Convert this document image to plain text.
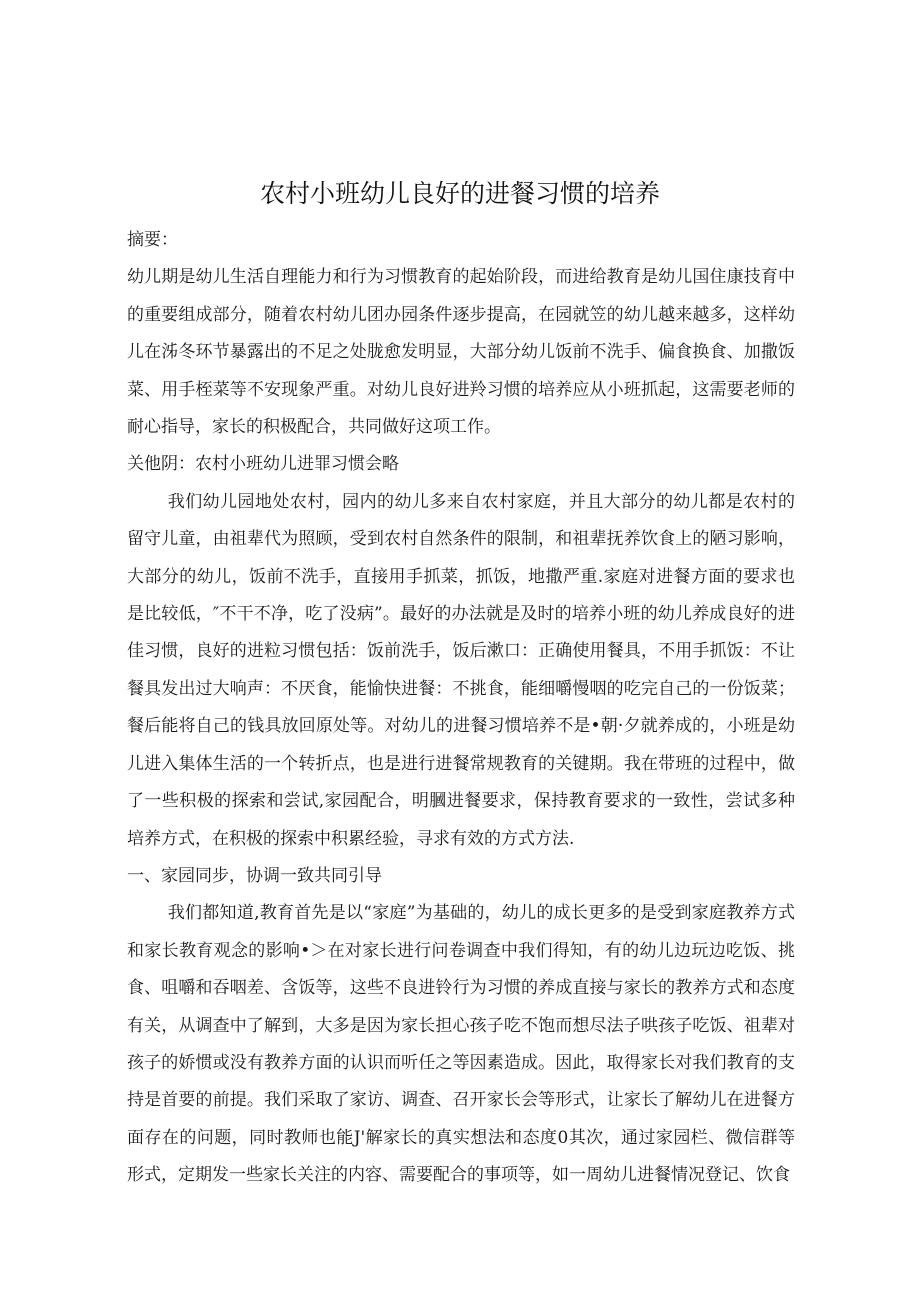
农村小班幼儿良好的进餐习惯的培养

摘要：

幼儿期是幼儿生活自理能力和行为习惯教育的起始阶段，而进给教育是幼儿国住康技育中的重要组成部分，随着农村幼儿团办园条件逐步提高，在园就笠的幼儿越来越多，这样幼儿在泲冬环节暴露出的不足之处胧愈发明显，大部分幼儿饭前不洗手、偏食换食、加撒饭菜、用手桎菜等不安现象严重。对幼儿良好进羚习惯的培养应从小班抓起，这需要老师的耐心指导，家长的积极配合，共同做好这项工作。

关他阴：农村小班幼儿进罪习惯会略

我们幼儿园地处农村，园内的幼儿多来自农村家庭，并且大部分的幼儿都是农村的留守儿童，由祖辈代为照顾，受到农村自然条件的限制，和祖辈抚养饮食上的陋习影响，大部分的幼儿，饭前不洗手，直接用手抓菜，抓饭，地撒严重.家庭对进餐方面的要求也是比较低，″不干不净，吃了没病”。最好的办法就是及时的培养小班的幼儿养成良好的进佳习惯，良好的进粒习惯包括：饭前洗手，饭后漱口：正确使用餐具，不用手抓饭：不让餐具发出过大响声：不厌食，能愉快进餐：不挑食，能细嚼慢咽的吃完自己的一份饭菜；餐后能将自己的钱具放回原处等。对幼儿的进餐习惯培养不是•朝·夕就养成的，小班是幼儿进入集体生活的一个转折点，也是进行进餐常规教育的关键期。我在带班的过程中，做了一些积极的探索和尝试,家园配合，明膕进餐要求，保持教育要求的一致性，尝试多种培养方式，在积极的探索中积累经验，寻求有效的方式方法.

一、家园同步，协调一致共同引导

我们都知道,教育首先是以“家庭”为基础的，幼儿的成长更多的是受到家庭教养方式和家长教育观念的影响•＞在对家长进行问卷调查中我们得知，有的幼儿边玩边吃饭、挑食、咀嚼和吞咽差、含饭等，这些不良进铃行为习惯的养成直接与家长的教养方式和态度有关，从调查中了解到，大多是因为家长担心孩子吃不饱而想尽法子哄孩子吃饭、祖辈对孩子的娇惯或没有教养方面的认识而听任之等因素造成。因此，取得家长对我们教育的支持是首要的前提。我们采取了家访、调查、召开家长会等形式，让家长了解幼儿在进餐方面存在的问题，同时教师也能J'解家长的真实想法和态度0其次，通过家园栏、微信群等形式，定期发一些家长关注的内容、需要配合的事项等，如一周幼儿进餐情况登记、饮食
